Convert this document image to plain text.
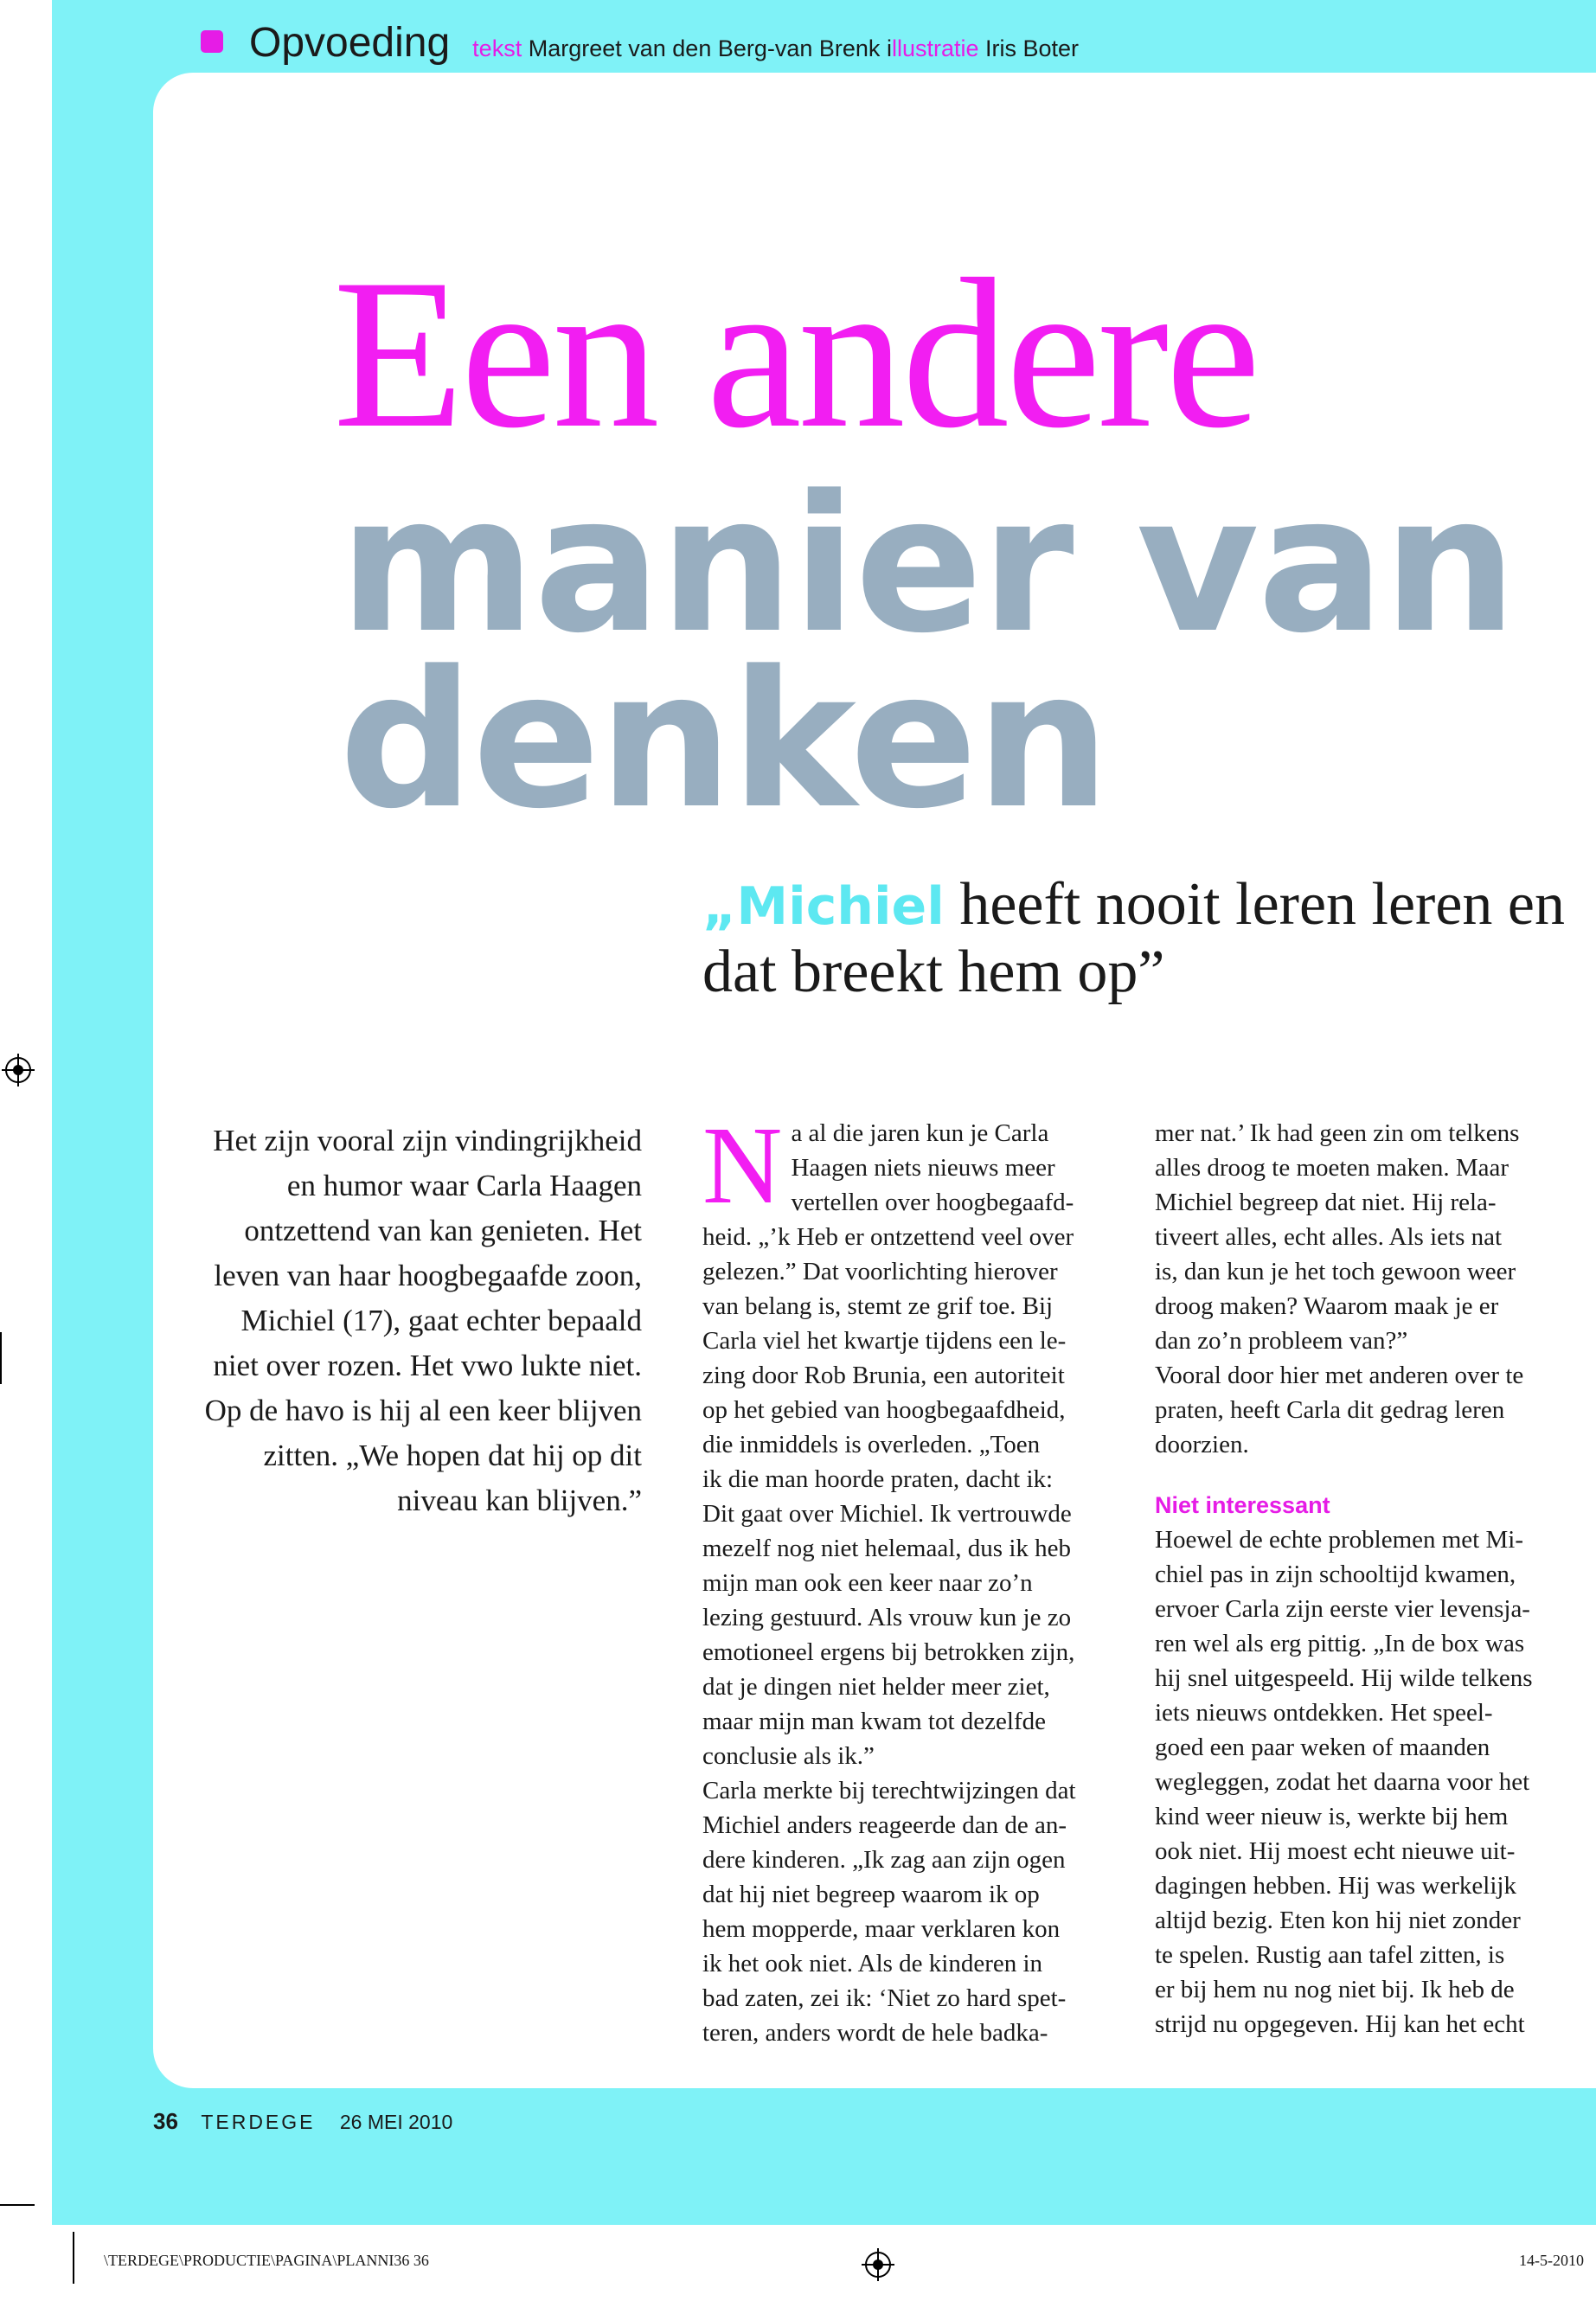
Opvoeding tekst Margreet van den Berg-van Brenk i llustratie Iris Boter
Een andere
manier van
denken
„Michiel heeft nooit leren leren en dat breekt hem op”
Het zijn vooral zijn vindingrijkheid en humor waar Carla Haagen ontzettend van kan genieten. Het leven van haar hoogbegaafde zoon, Michiel (17), gaat echter bepaald niet over rozen. Het vwo lukte niet. Op de havo is hij al een keer blijven zitten. „We hopen dat hij op dit niveau kan blijven.”
Na al die jaren kun je Carla
Haagen niets nieuws meer
vertellen over hoogbegaafd-
heid. „’k Heb er ontzettend veel over
gelezen.” Dat voorlichting hierover
van belang is, stemt ze grif toe. Bij
Carla viel het kwartje tijdens een le-
zing door Rob Brunia, een autoriteit
op het gebied van hoogbegaafdheid,
die inmiddels is overleden. „Toen
ik die man hoorde praten, dacht ik:
Dit gaat over Michiel. Ik vertrouwde
mezelf nog niet helemaal, dus ik heb
mijn man ook een keer naar zo’n
lezing gestuurd. Als vrouw kun je zo
emotioneel ergens bij betrokken zijn,
dat je dingen niet helder meer ziet,
maar mijn man kwam tot dezelfde
conclusie als ik.”
Carla merkte bij terechtwijzingen dat
Michiel anders reageerde dan de an-
dere kinderen. „Ik zag aan zijn ogen
dat hij niet begreep waarom ik op
hem mopperde, maar verklaren kon
ik het ook niet. Als de kinderen in
bad zaten, zei ik: ‘Niet zo hard spet-
teren, anders wordt de hele badka-
mer nat.’ Ik had geen zin om telkens
alles droog te moeten maken. Maar
Michiel begreep dat niet. Hij rela-
tiveert alles, echt alles. Als iets nat
is, dan kun je het toch gewoon weer
droog maken? Waarom maak je er
dan zo’n probleem van?”
Vooral door hier met anderen over te
praten, heeft Carla dit gedrag leren
doorzien.
Niet interessant
Hoewel de echte problemen met Mi-
chiel pas in zijn schooltijd kwamen,
ervoer Carla zijn eerste vier levensja-
ren wel als erg pittig. „In de box was
hij snel uitgespeeld. Hij wilde telkens
iets nieuws ontdekken. Het speel-
goed een paar weken of maanden
wegleggen, zodat het daarna voor het
kind weer nieuw is, werkte bij hem
ook niet. Hij moest echt nieuwe uit-
dagingen hebben. Hij was werkelijk
altijd bezig. Eten kon hij niet zonder
te spelen. Rustig aan tafel zitten, is
er bij hem nu nog niet bij. Ik heb de
strijd nu opgegeven. Hij kan het echt
36 TERDEGE 26 MEI 2010
\TERDEGE\PRODUCTIE\PAGINA\PLANNI36 36	14-5-2010
